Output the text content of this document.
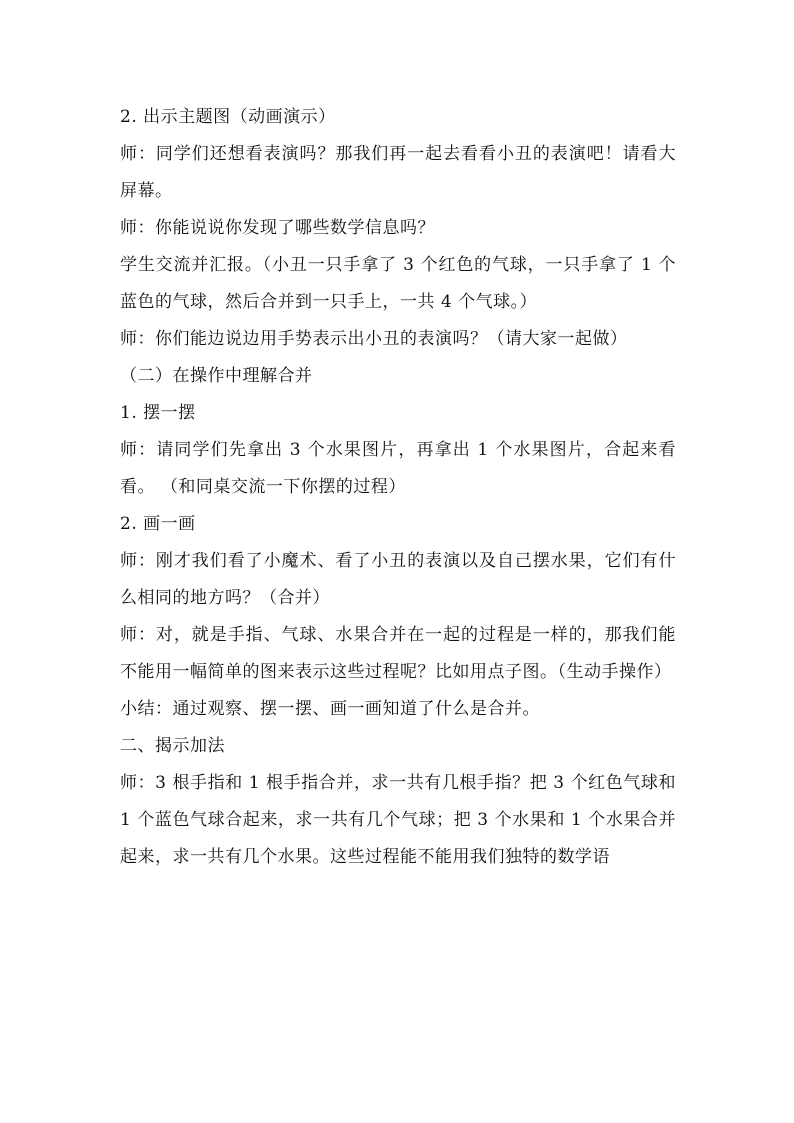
2. 出示主题图（动画演示）

师：同学们还想看表演吗？那我们再一起去看看小丑的表演吧！请看大屏幕。

师：你能说说你发现了哪些数学信息吗？

学生交流并汇报。（小丑一只手拿了 3 个红色的气球，一只手拿了 1 个蓝色的气球，然后合并到一只手上，一共 4 个气球。）

师：你们能边说边用手势表示出小丑的表演吗？（请大家一起做）

（二）在操作中理解合并

1. 摆一摆

师：请同学们先拿出 3 个水果图片，再拿出 1 个水果图片，合起来看看。 （和同桌交流一下你摆的过程）

2. 画一画

师：刚才我们看了小魔术、看了小丑的表演以及自己摆水果，它们有什么相同的地方吗？（合并）

师：对，就是手指、气球、水果合并在一起的过程是一样的，那我们能不能用一幅简单的图来表示这些过程呢？比如用点子图。（生动手操作）

小结：通过观察、摆一摆、画一画知道了什么是合并。

二、揭示加法

师：3 根手指和 1 根手指合并，求一共有几根手指？把 3 个红色气球和 1 个蓝色气球合起来，求一共有几个气球；把 3 个水果和 1 个水果合并起来，求一共有几个水果。这些过程能不能用我们独特的数学语
